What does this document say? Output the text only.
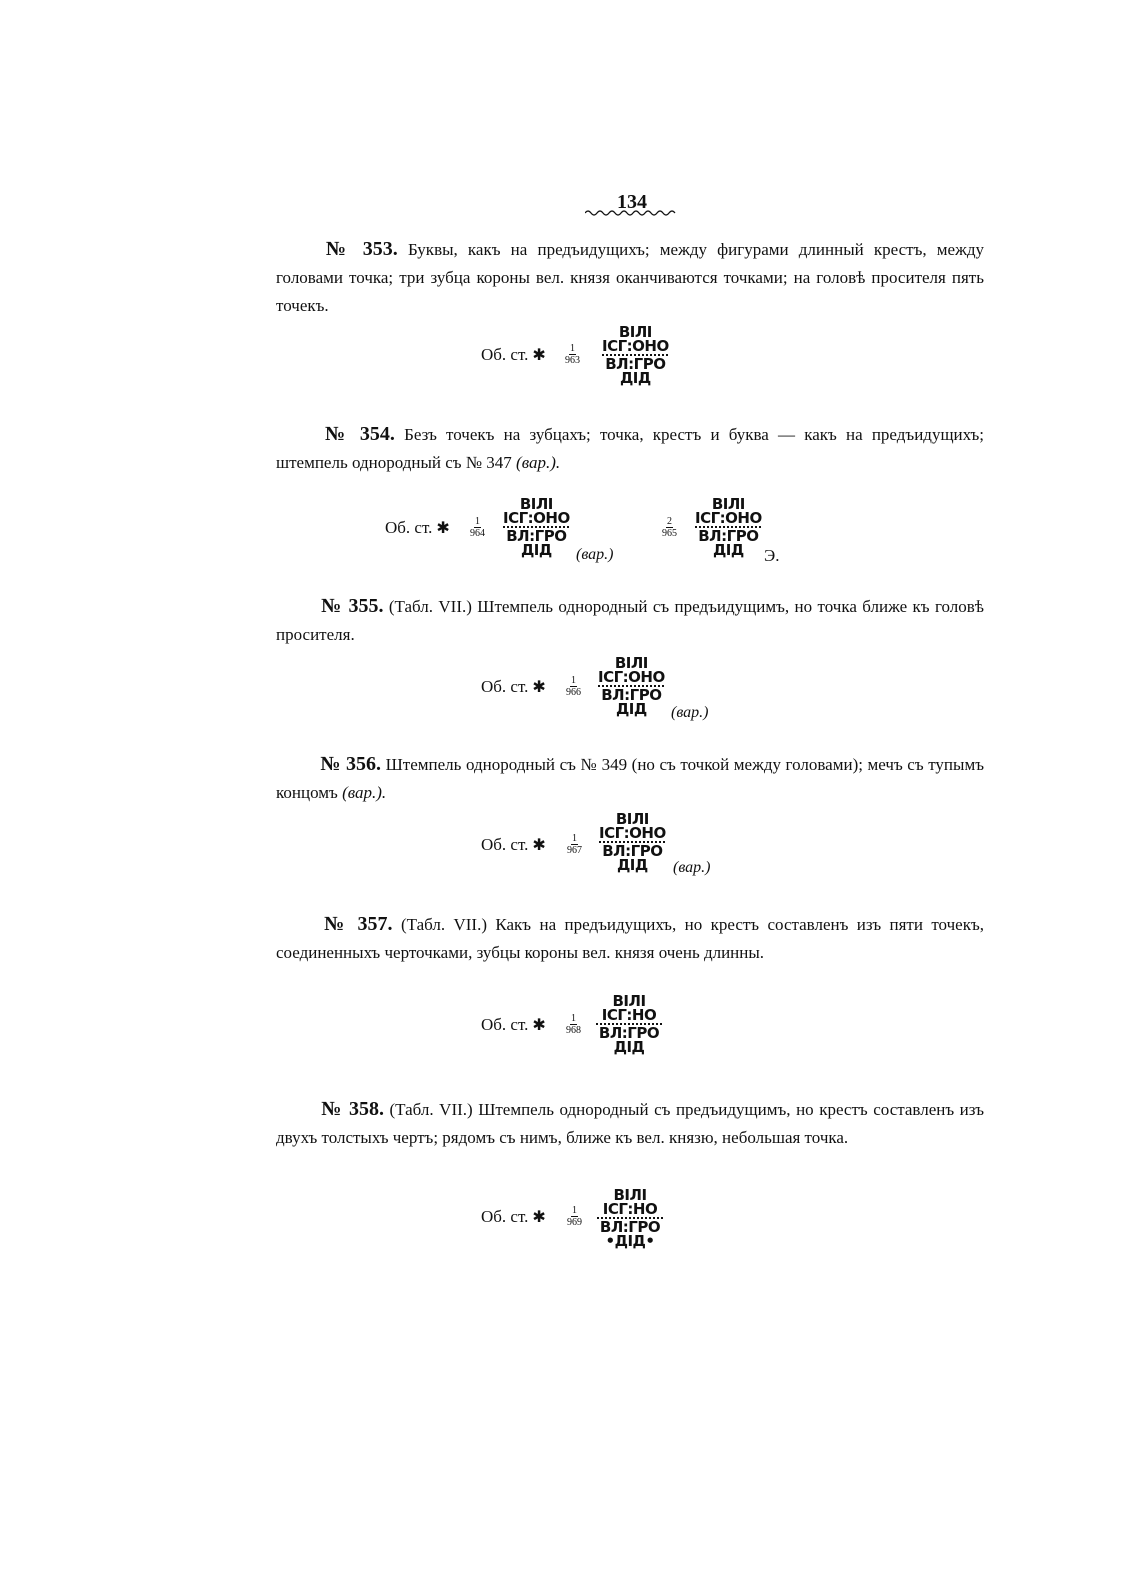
134
№ 353. Буквы, какъ на предъидущихъ; между фигурами длинный крестъ, между головами точка; три зубца короны вел. князя оканчиваются точками; на головѣ просителя пять точекъ.
Об. ст. ✱ $\frac{1}{963}$
ВIЛI
ІСГ:ОНО
ВЛ:ГРО
ДIД
№ 354. Безъ точекъ на зубцахъ; точка, крестъ и буква — какъ на предъидущихъ; штемпель однородный съ № 347 (вар.).
Об. ст. ✱ $\frac{1}{964}$
ВIЛI
ІСГ:ОНО
ВЛ:ГРО
ДIД (вар.)
$\frac{2}{965}$
ВIЛI
ІСГ:ОНО
ВЛ:ГРО
ДIД Э.
№ 355. (Табл. VII.) Штемпель однородный съ предъидущимъ, но точка ближе къ головѣ просителя.
Об. ст. ✱ $\frac{1}{966}$
ВIЛI
ІСГ:ОНО
ВЛ:ГРО
ДIД (вар.)
№ 356. Штемпель однородный съ № 349 (но съ точкой между головами); мечъ съ тупымъ концомъ (вар.).
Об. ст. ✱ $\frac{1}{967}$
ВIЛI
ІСГ:ОНО
ВЛ:ГРО
ДIД (вар.)
№ 357. (Табл. VII.) Какъ на предъидущихъ, но крестъ составленъ изъ пяти точекъ, соединенныхъ черточками, зубцы короны вел. князя очень длинны.
Об. ст. ✱ $\frac{1}{968}$
ВIЛI
ІСГ:НО
ВЛ:ГРО
ДIД
№ 358. (Табл. VII.) Штемпель однородный съ предъидущимъ, но крестъ составленъ изъ двухъ толстыхъ чертъ; рядомъ съ нимъ, ближе къ вел. князю, небольшая точка.
Об. ст. ✱ $\frac{1}{969}$
ВIЛI
ІСГ:НО
ВЛ:ГРО
•ДIД•
